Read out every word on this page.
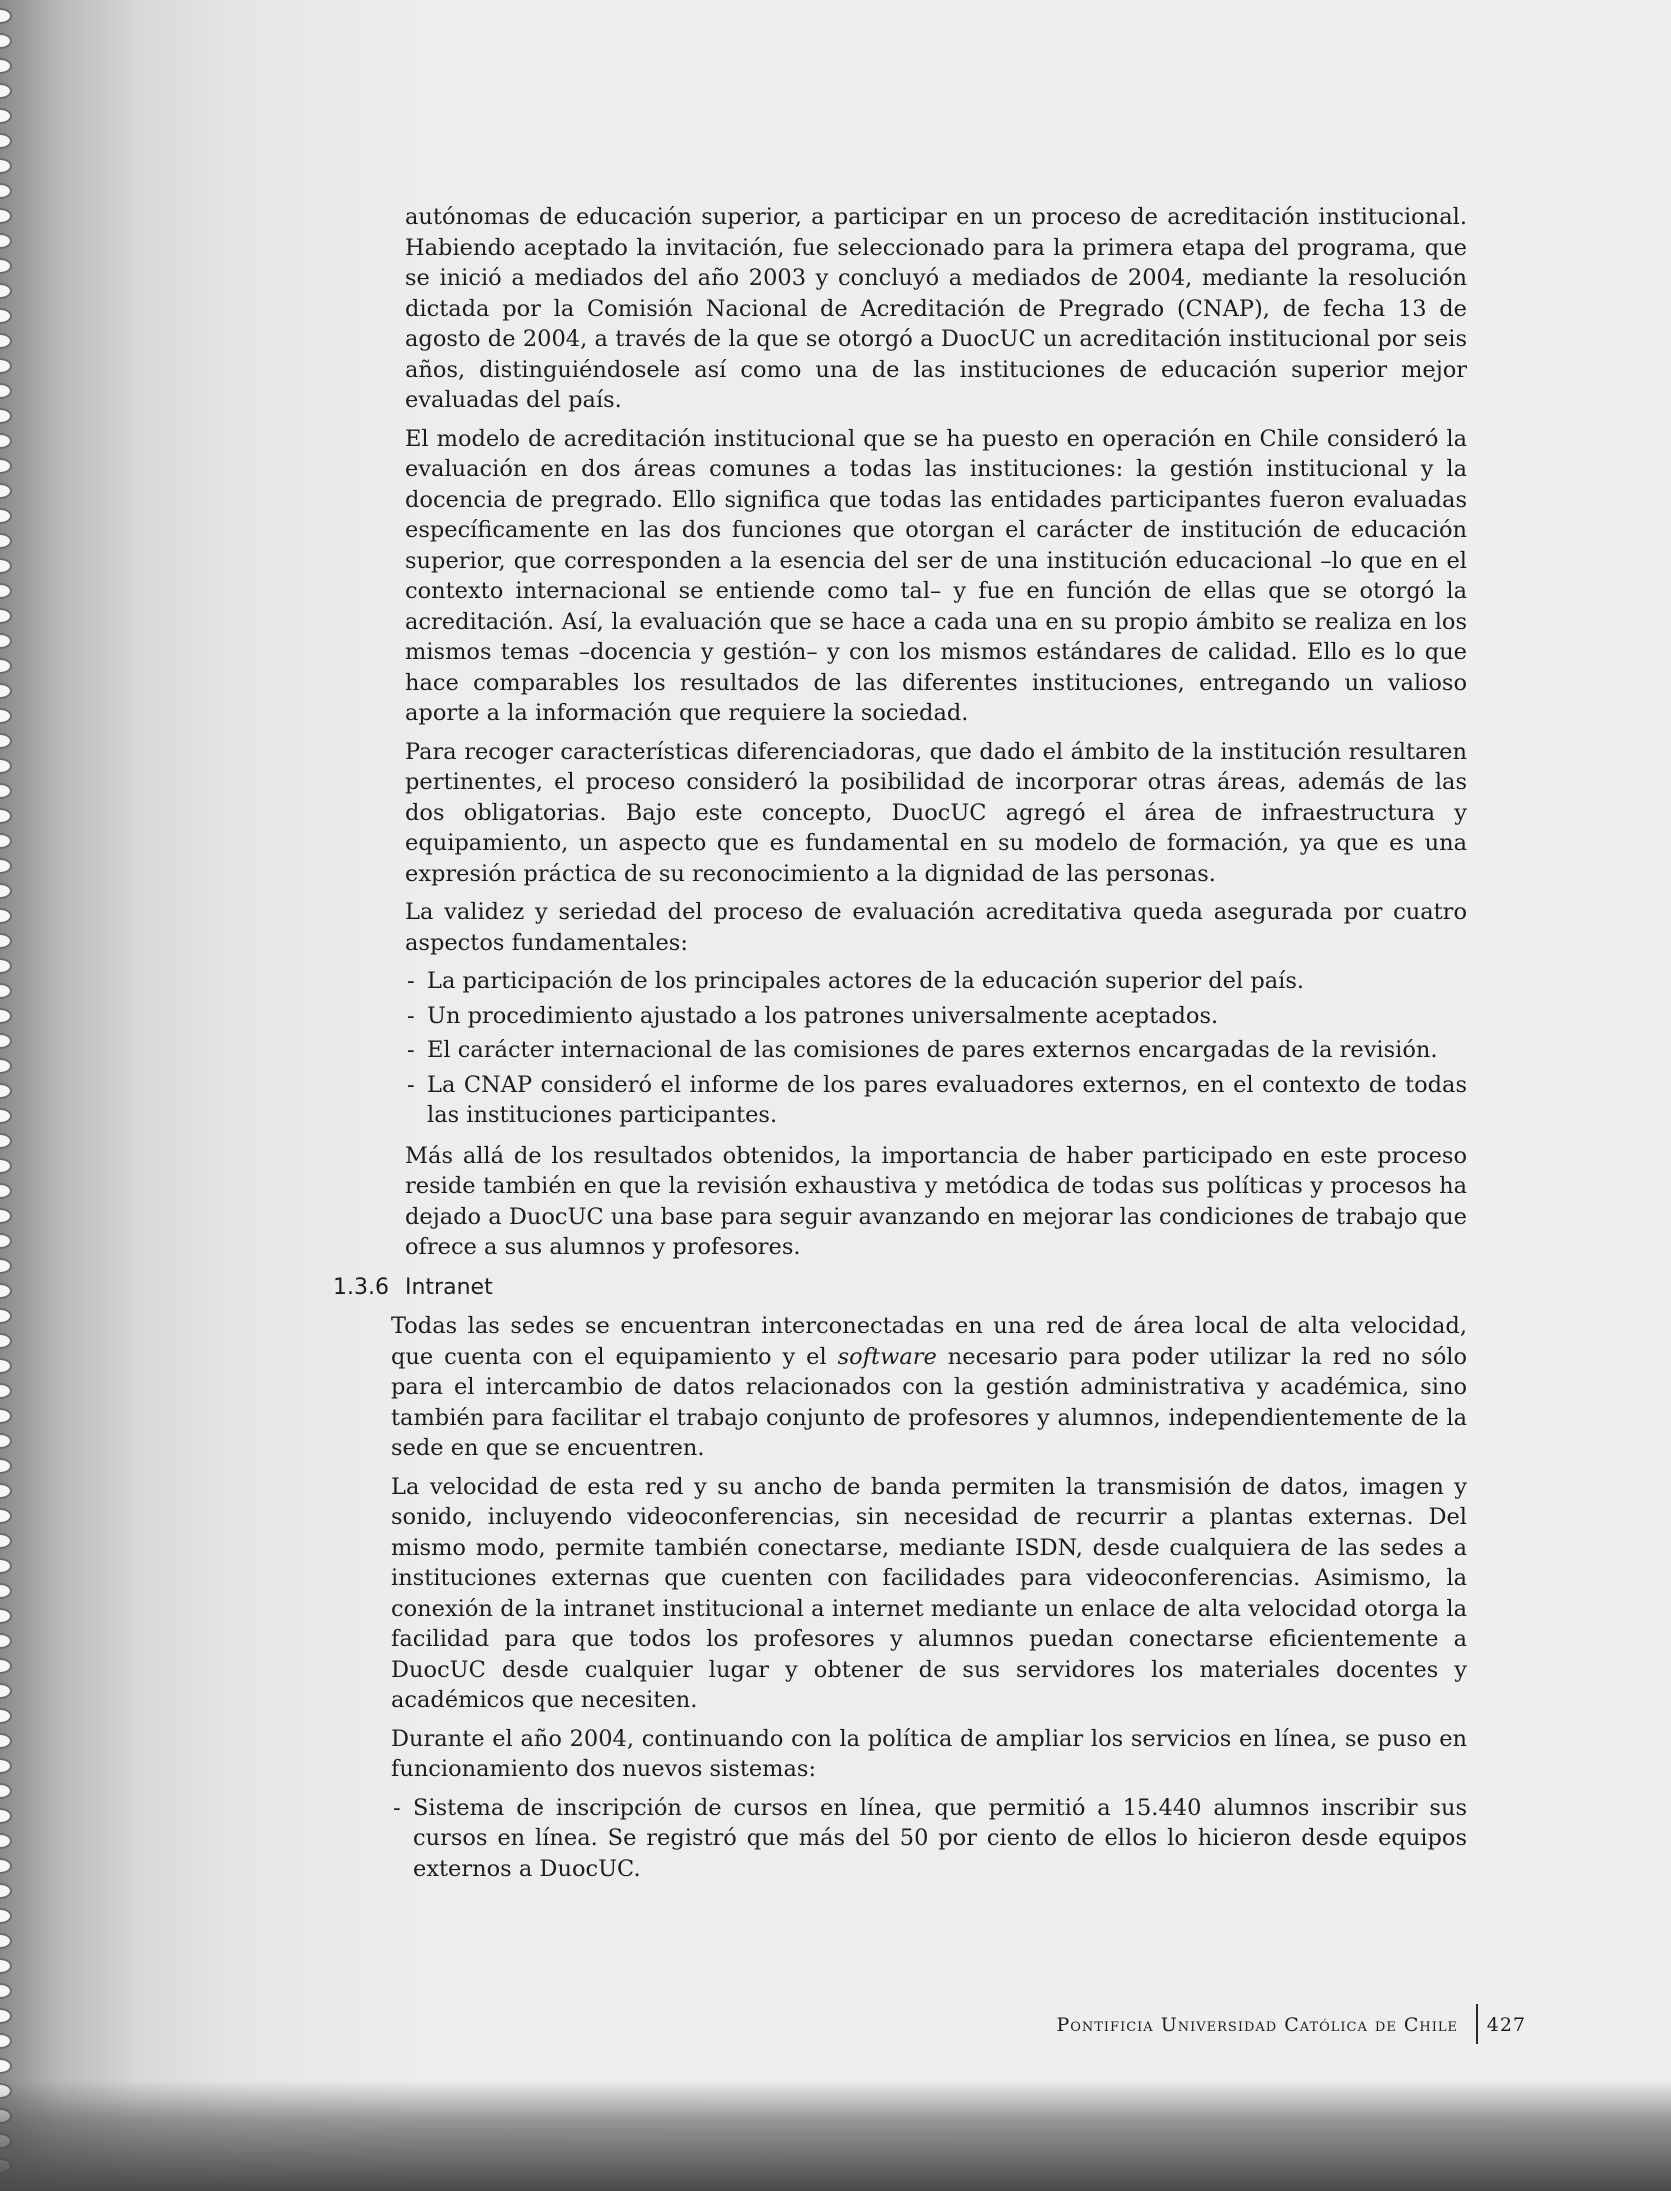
autónomas de educación superior, a participar en un proceso de acreditación institucional. Habiendo aceptado la invitación, fue seleccionado para la primera etapa del programa, que se inició a mediados del año 2003 y concluyó a mediados de 2004, mediante la resolución dictada por la Comisión Nacional de Acreditación de Pregrado (CNAP), de fecha 13 de agosto de 2004, a través de la que se otorgó a DuocUC un acreditación institucional por seis años, distinguiéndosele así como una de las instituciones de educación superior mejor evaluadas del país.

El modelo de acreditación institucional que se ha puesto en operación en Chile consideró la evaluación en dos áreas comunes a todas las instituciones: la gestión institucional y la docencia de pregrado. Ello significa que todas las entidades participantes fueron evaluadas específicamente en las dos funciones que otorgan el carácter de institución de educación superior, que corresponden a la esencia del ser de una institución educacional –lo que en el contexto internacional se entiende como tal– y fue en función de ellas que se otorgó la acreditación. Así, la evaluación que se hace a cada una en su propio ámbito se realiza en los mismos temas –docencia y gestión– y con los mismos estándares de calidad. Ello es lo que hace comparables los resultados de las diferentes instituciones, entregando un valioso aporte a la información que requiere la sociedad.

Para recoger características diferenciadoras, que dado el ámbito de la institución resultaren pertinentes, el proceso consideró la posibilidad de incorporar otras áreas, además de las dos obligatorias. Bajo este concepto, DuocUC agregó el área de infraestructura y equipamiento, un aspecto que es fundamental en su modelo de formación, ya que es una expresión práctica de su reconocimiento a la dignidad de las personas.

La validez y seriedad del proceso de evaluación acreditativa queda asegurada por cuatro aspectos fundamentales:

- La participación de los principales actores de la educación superior del país.
- Un procedimiento ajustado a los patrones universalmente aceptados.
- El carácter internacional de las comisiones de pares externos encargadas de la revisión.
- La CNAP consideró el informe de los pares evaluadores externos, en el contexto de todas las instituciones participantes.

Más allá de los resultados obtenidos, la importancia de haber participado en este proceso reside también en que la revisión exhaustiva y metódica de todas sus políticas y procesos ha dejado a DuocUC una base para seguir avanzando en mejorar las condiciones de trabajo que ofrece a sus alumnos y profesores.

1.3.6 Intranet

Todas las sedes se encuentran interconectadas en una red de área local de alta velocidad, que cuenta con el equipamiento y el software necesario para poder utilizar la red no sólo para el intercambio de datos relacionados con la gestión administrativa y académica, sino también para facilitar el trabajo conjunto de profesores y alumnos, independientemente de la sede en que se encuentren.

La velocidad de esta red y su ancho de banda permiten la transmisión de datos, imagen y sonido, incluyendo videoconferencias, sin necesidad de recurrir a plantas externas. Del mismo modo, permite también conectarse, mediante ISDN, desde cualquiera de las sedes a instituciones externas que cuenten con facilidades para videoconferencias. Asimismo, la conexión de la intranet institucional a internet mediante un enlace de alta velocidad otorga la facilidad para que todos los profesores y alumnos puedan conectarse eficientemente a DuocUC desde cualquier lugar y obtener de sus servidores los materiales docentes y académicos que necesiten.

Durante el año 2004, continuando con la política de ampliar los servicios en línea, se puso en funcionamiento dos nuevos sistemas:

- Sistema de inscripción de cursos en línea, que permitió a 15.440 alumnos inscribir sus cursos en línea. Se registró que más del 50 por ciento de ellos lo hicieron desde equipos externos a DuocUC.
Pontificia Universidad Católica de Chile 427
